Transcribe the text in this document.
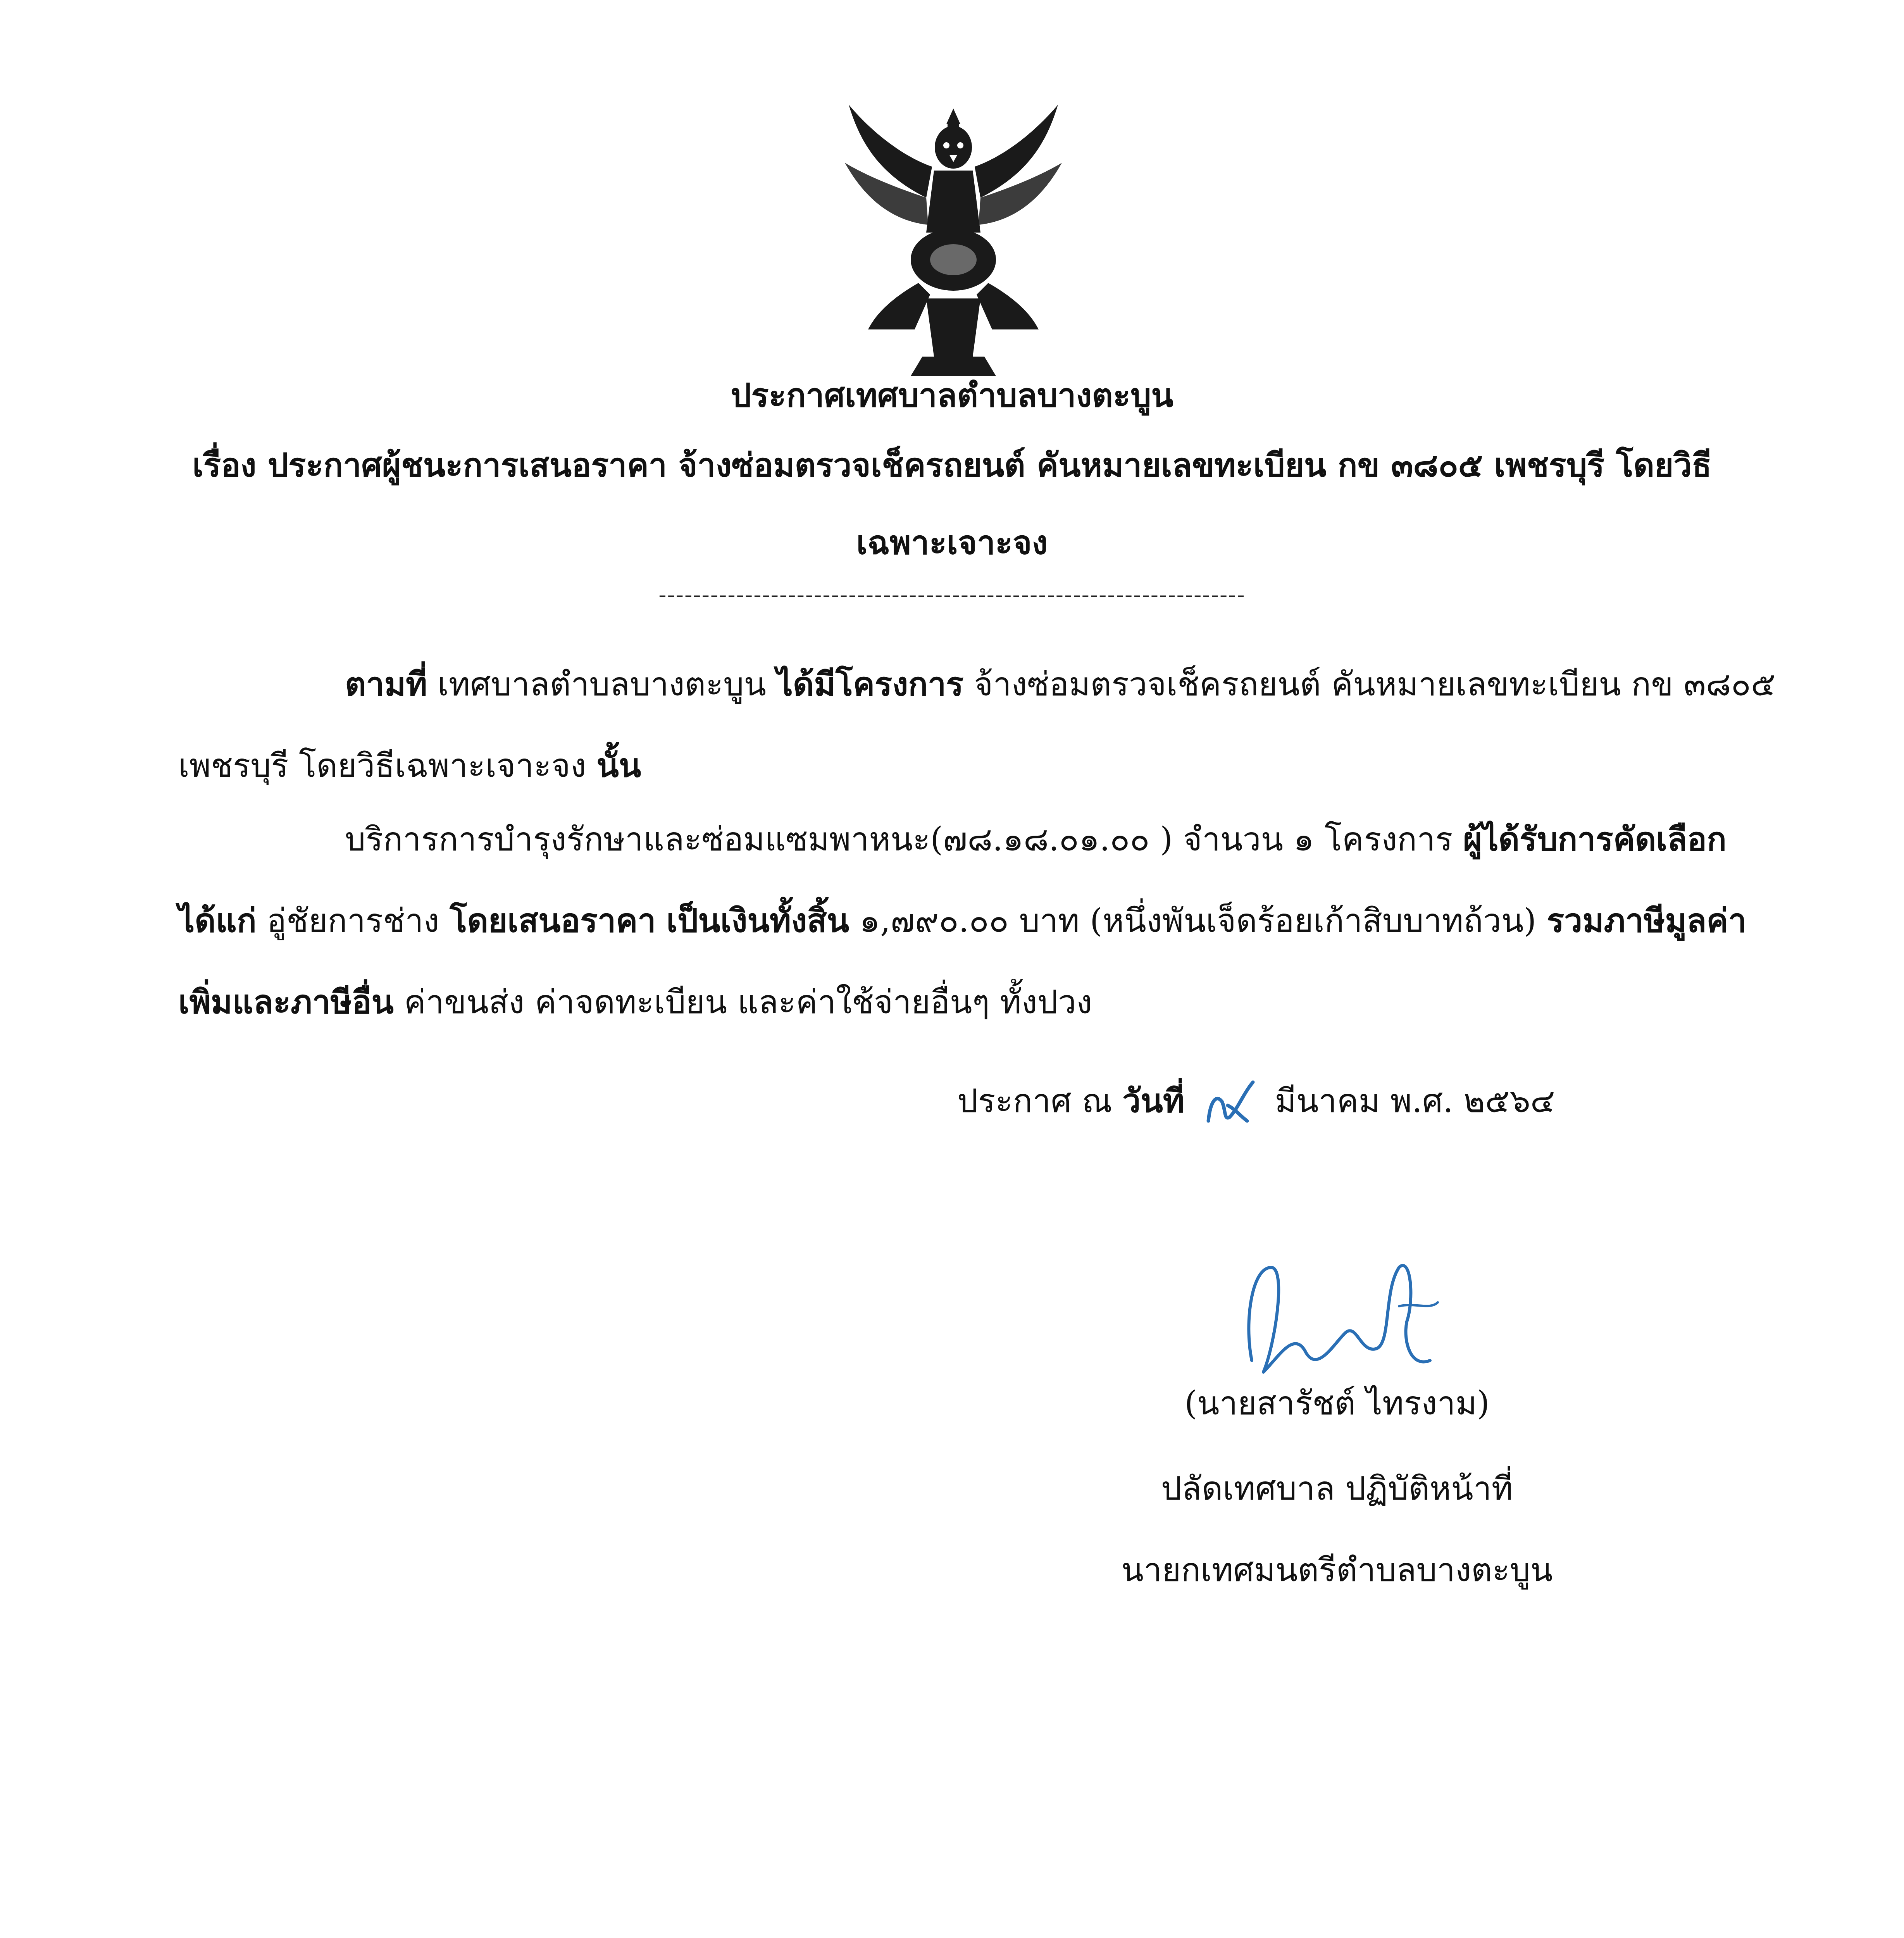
ประกาศเทศบาลตำบลบางตะบูน
เรื่อง ประกาศผู้ชนะการเสนอราคา จ้างซ่อมตรวจเช็ครถยนต์ คันหมายเลขทะเบียน กข ๓๘๐๕ เพชรบุรี โดยวิธี
เฉพาะเจาะจง
--------------------------------------------------------------------
ตามที่ เทศบาลตำบลบางตะบูน ได้มีโครงการ จ้างซ่อมตรวจเช็ครถยนต์ คันหมายเลขทะเบียน กข ๓๘๐๕
เพชรบุรี โดยวิธีเฉพาะเจาะจง นั้น
บริการการบำรุงรักษาและซ่อมแซมพาหนะ(๗๘.๑๘.๐๑.๐๐ ) จำนวน ๑ โครงการ ผู้ได้รับการคัดเลือก
ได้แก่ อู่ชัยการช่าง โดยเสนอราคา เป็นเงินทั้งสิ้น ๑,๗๙๐.๐๐ บาท (หนึ่งพันเจ็ดร้อยเก้าสิบบาทถ้วน) รวมภาษีมูลค่า
เพิ่มและภาษีอื่น ค่าขนส่ง ค่าจดทะเบียน และค่าใช้จ่ายอื่นๆ ทั้งปวง
ประกาศ ณ วันที่  มีนาคม พ.ศ. ๒๕๖๔
(นายสารัชต์ ไทรงาม)
ปลัดเทศบาล ปฏิบัติหน้าที่
นายกเทศมนตรีตำบลบางตะบูน
